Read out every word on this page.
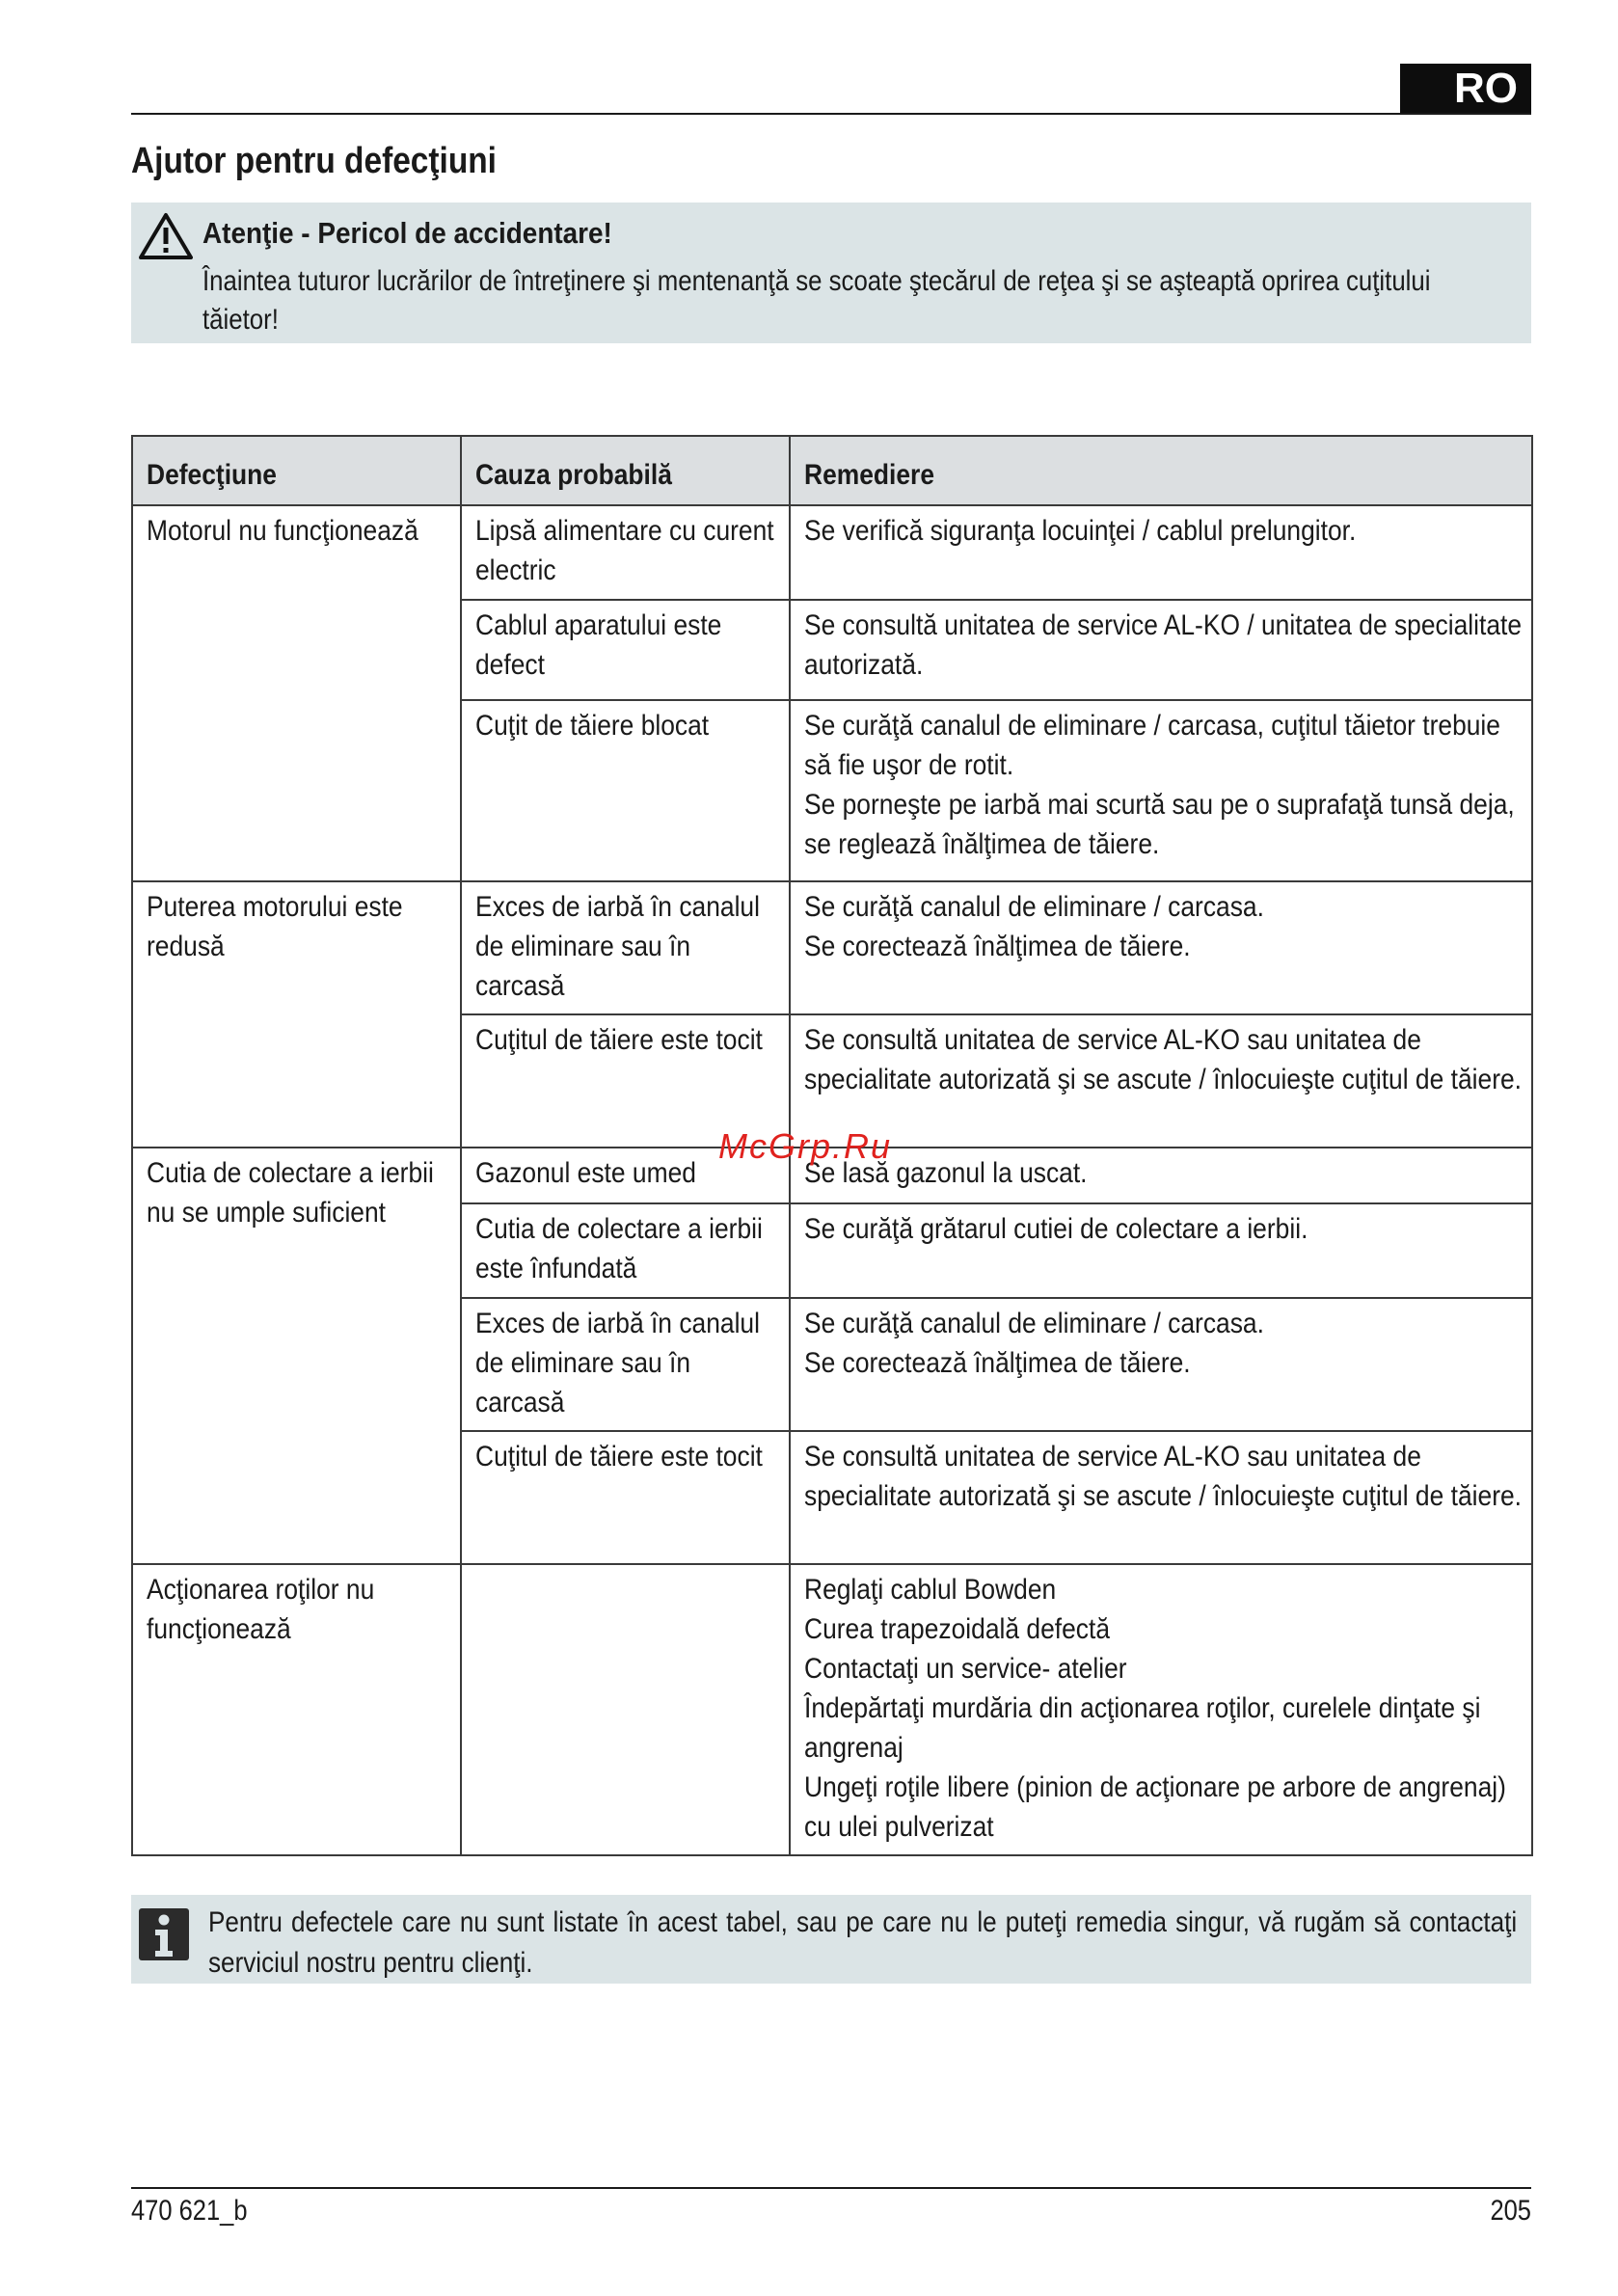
RO
Ajutor pentru defecţiuni
Atenţie - Pericol de accidentare!
Înaintea tuturor lucrărilor de întreţinere şi mentenanţă se scoate ştecărul de reţea şi se aşteaptă oprirea cuţitului tăietor!
Defecţiune	Cauza probabilă	Remediere

Motorul nu funcţionează	Lipsă alimentare cu curent electric	Se verifică siguranţa locuinţei / cablul prelungitor.

	Cablul aparatului este defect	Se consultă unitatea de service AL-KO / unitatea de specialitate autorizată.

	Cuţit de tăiere blocat	Se curăţă canalul de eliminare / carcasa, cuţitul tăietor trebuie să fie uşor de rotit.
Se porneşte pe iarbă mai scurtă sau pe o suprafaţă tunsă deja, se reglează înălţimea de tăiere.

Puterea motorului este redusă	Exces de iarbă în canalul de eliminare sau în carcasă	Se curăţă canalul de eliminare / carcasa.
Se corectează înălţimea de tăiere.

	Cuţitul de tăiere este tocit	Se consultă unitatea de service AL-KO sau unitatea de specialitate autorizată şi se ascute / înlocuieşte cuţitul de tăiere.

Cutia de colectare a ierbii nu se umple suficient	Gazonul este umed	Se lasă gazonul la uscat.

	Cutia de colectare a ierbii este înfundată	Se curăţă grătarul cutiei de colectare a ierbii.

	Exces de iarbă în canalul de eliminare sau în carcasă	Se curăţă canalul de eliminare / carcasa.
Se corectează înălţimea de tăiere.

	Cuţitul de tăiere este tocit	Se consultă unitatea de service AL-KO sau unitatea de specialitate autorizată şi se ascute / înlocuieşte cuţitul de tăiere.

Acţionarea roţilor nu funcţionează		Reglaţi cablul Bowden
Curea trapezoidală defectă
Contactaţi un service- atelier
Îndepărtaţi murdăria din acţionarea roţilor, curelele dinţate şi angrenaj
Ungeţi roţile libere (pinion de acţionare pe arbore de angrenaj) cu ulei pulverizat
McGrp.Ru
Pentru defectele care nu sunt listate în acest tabel, sau pe care nu le puteţi remedia singur, vă rugăm să contactaţi serviciul nostru pentru clienţi.
470 621_b	205
